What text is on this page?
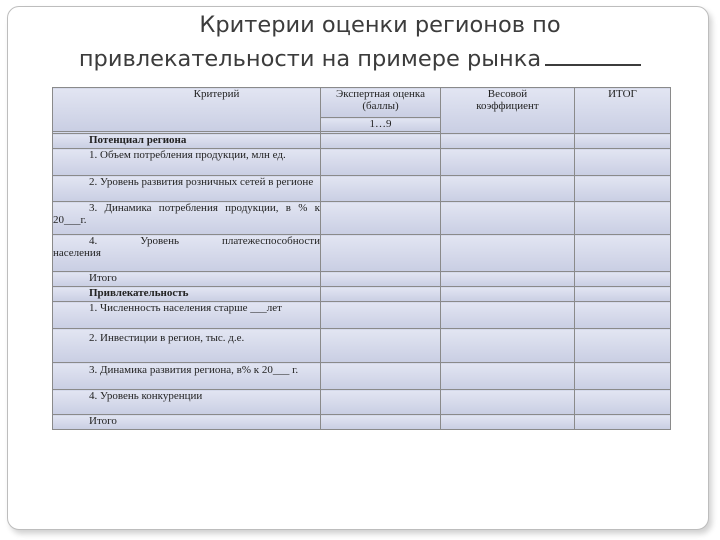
Критерии оценки регионов по
привлекательности на примере рынка
Критерий	Экспертная оценка (баллы)	Весовой коэффициент	ИТОГ

	1…9		

Потенциал региона			

1. Объем потребления продукции, млн ед.			

2. Уровень развития розничных сетей в регионе			

3. Динамика потребления продукции, в % к 20___г.			

4. Уровень платежеспособности населения			

Итого			

Привлекательность			

1. Численность населения старше ___лет			

2. Инвестиции в регион, тыс. д.е.			

3. Динамика развития региона, в% к 20___ г.			

4. Уровень конкуренции			

Итого			
